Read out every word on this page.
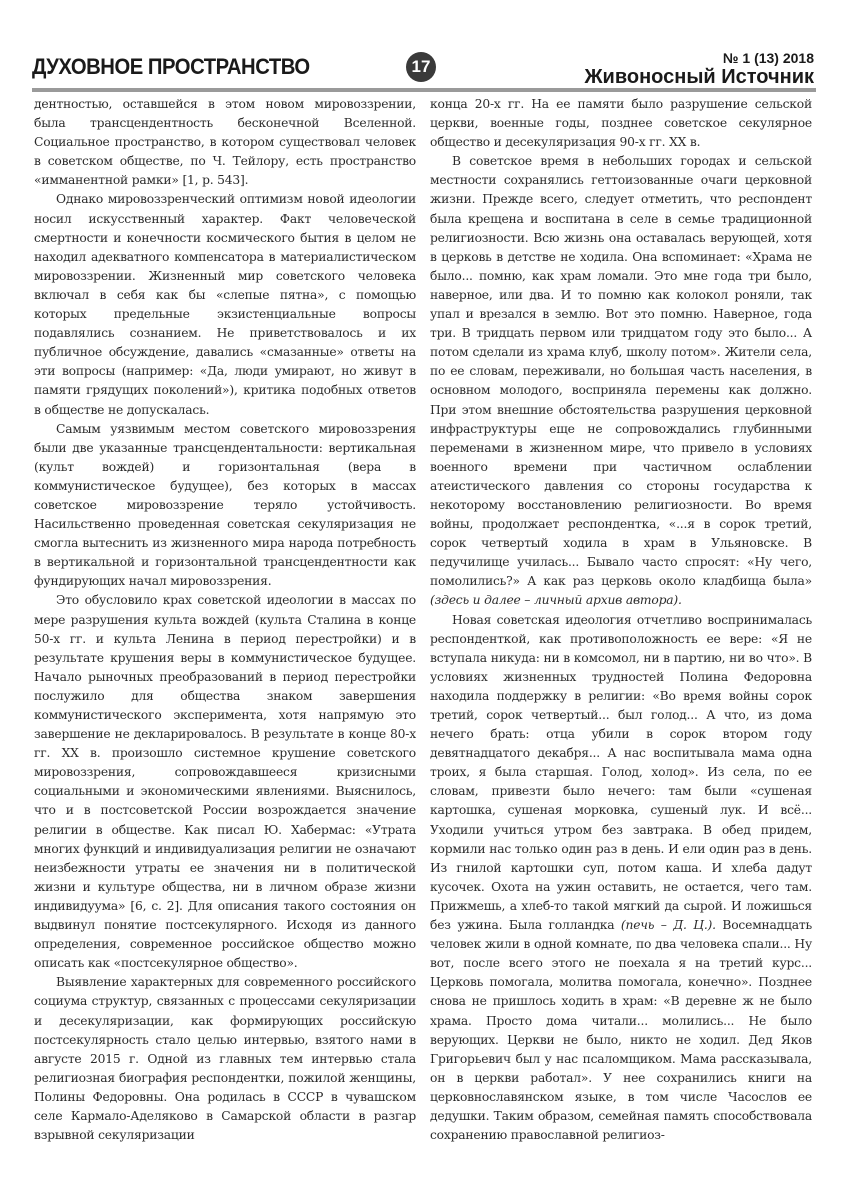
ДУХОВНОЕ ПРОСТРАНСТВО	17	№ 1 (13) 2018
Живоносный Источник

дентностью, оставшейся в этом новом мировоззрении, была трансцендентность бесконечной Вселенной. Социальное пространство, в котором существовал человек в советском обществе, по Ч. Тейлору, есть пространство «имманентной рамки» [1, p. 543].

Однако мировоззренческий оптимизм новой идеологии носил искусственный характер. Факт человеческой смертности и конечности космического бытия в целом не находил адекватного компенсатора в материалистическом мировоззрении. Жизненный мир советского человека включал в себя как бы «слепые пятна», с помощью которых предельные экзистенциальные вопросы подавлялись сознанием. Не приветствовалось и их публичное обсуждение, давались «смазанные» ответы на эти вопросы (например: «Да, люди умирают, но живут в памяти грядущих поколений»), критика подобных ответов в обществе не допускалась.

Самым уязвимым местом советского мировоззрения были две указанные трансцендентальности: вертикальная (культ вождей) и горизонтальная (вера в коммунистическое будущее), без которых в массах советское мировоззрение теряло устойчивость. Насильственно проведенная советская секуляризация не смогла вытеснить из жизненного мира народа потребность в вертикальной и горизонтальной трансцендентности как фундирующих начал мировоззрения.

Это обусловило крах советской идеологии в массах по мере разрушения культа вождей (культа Сталина в конце 50-х гг. и культа Ленина в период перестройки) и в результате крушения веры в коммунистическое будущее. Начало рыночных преобразований в период перестройки послужило для общества знаком завершения коммунистического эксперимента, хотя напрямую это завершение не декларировалось. В результате в конце 80-х гг. XX в. произошло системное крушение советского мировоззрения, сопровождавшееся кризисными социальными и экономическими явлениями. Выяснилось, что и в постсоветской России возрождается значение религии в обществе. Как писал Ю. Хабермас: «Утрата многих функций и индивидуализация религии не означают неизбежности утраты ее значения ни в политической жизни и культуре общества, ни в личном образе жизни индивидуума» [6, с. 2]. Для описания такого состояния он выдвинул понятие постсекулярного. Исходя из данного определения, современное российское общество можно описать как «постсекулярное общество».

Выявление характерных для современного российского социума структур, связанных с процессами секуляризации и десекуляризации, как формирующих российскую постсекулярность стало целью интервью, взятого нами в августе 2015 г. Одной из главных тем интервью стала религиозная биография респондентки, пожилой женщины, Полины Федоровны. Она родилась в СССР в чувашском селе Кармало-Аделяково в Самарской области в разгар взрывной секуляризации

конца 20-х гг. На ее памяти было разрушение сельской церкви, военные годы, позднее советское секулярное общество и десекуляризация 90-х гг. XX в.

В советское время в небольших городах и сельской местности сохранялись геттоизованные очаги церковной жизни. Прежде всего, следует отметить, что респондент была крещена и воспитана в селе в семье традиционной религиозности. Всю жизнь она оставалась верующей, хотя в церковь в детстве не ходила. Она вспоминает: «Храма не было... помню, как храм ломали. Это мне года три было, наверное, или два. И то помню как колокол роняли, так упал и врезался в землю. Вот это помню. Наверное, года три. В тридцать первом или тридцатом году это было... А потом сделали из храма клуб, школу потом». Жители села, по ее словам, переживали, но большая часть населения, в основном молодого, восприняла перемены как должно. При этом внешние обстоятельства разрушения церковной инфраструктуры еще не сопровождались глубинными переменами в жизненном мире, что привело в условиях военного времени при частичном ослаблении атеистического давления со стороны государства к некоторому восстановлению религиозности. Во время войны, продолжает респондентка, «...я в сорок третий, сорок четвертый ходила в храм в Ульяновске. В педучилище училась... Бывало часто спросят: «Ну чего, помолились?» А как раз церковь около кладбища была» (здесь и далее – личный архив автора).

Новая советская идеология отчетливо воспринималась респонденткой, как противоположность ее вере: «Я не вступала никуда: ни в комсомол, ни в партию, ни во что». В условиях жизненных трудностей Полина Федоровна находила поддержку в религии: «Во время войны сорок третий, сорок четвертый... был голод... А что, из дома нечего брать: отца убили в сорок втором году девятнадцатого декабря... А нас воспитывала мама одна троих, я была старшая. Голод, холод». Из села, по ее словам, привезти было нечего: там были «сушеная картошка, сушеная морковка, сушеный лук. И всё... Уходили учиться утром без завтрака. В обед придем, кормили нас только один раз в день. И ели один раз в день. Из гнилой картошки суп, потом каша. И хлеба дадут кусочек. Охота на ужин оставить, не остается, чего там. Прижмешь, а хлеб-то такой мягкий да сырой. И ложишься без ужина. Была голландка (печь – Д. Ц.). Восемнадцать человек жили в одной комнате, по два человека спали... Ну вот, после всего этого не поехала я на третий курс... Церковь помогала, молитва помогала, конечно». Позднее снова не пришлось ходить в храм: «В деревне ж не было храма. Просто дома читали... молились... Не было верующих. Церкви не было, никто не ходил. Дед Яков Григорьевич был у нас псаломщиком. Мама рассказывала, он в церкви работал». У нее сохранились книги на церковнославянском языке, в том числе Часослов ее дедушки. Таким образом, семейная память способствовала сохранению православной религиоз-
